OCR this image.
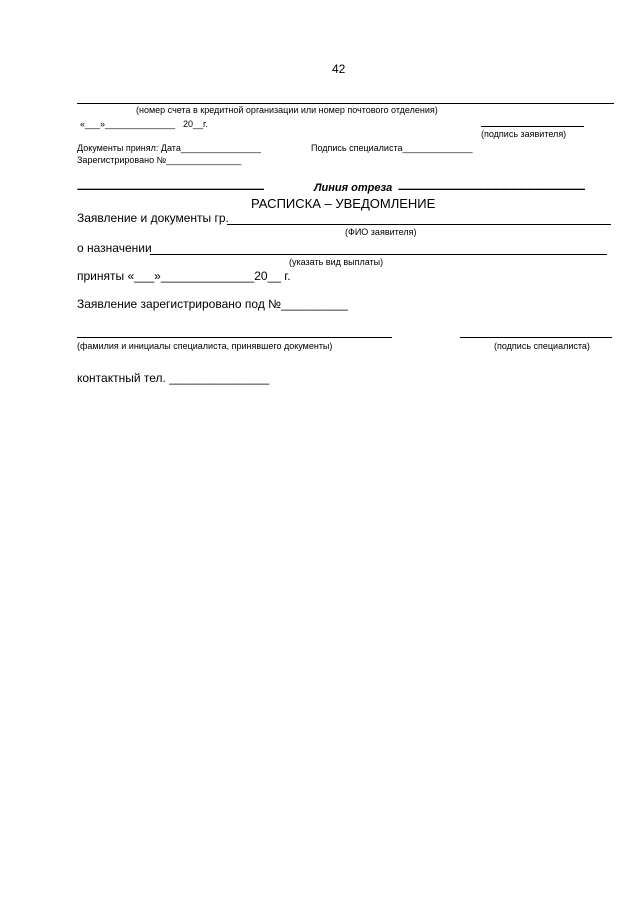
42
(номер счета в кредитной организации или номер почтового отделения)
«___»______________ 20__г.
(подпись заявителя)
Документы принял: Дата________________	Подпись специалиста______________
Зарегистрировано №_______________
----------------------------------------------------------------------	Линия отреза ----------------------------------------------------------------------
РАСПИСКА – УВЕДОМЛЕНИЕ
Заявление и документы гр.
(ФИО заявителя)
о назначении
(указать вид выплаты)
приняты «___»______________20__ г.
Заявление зарегистрировано под №__________
(фамилия и инициалы специалиста, принявшего документы)	(подпись специалиста)
контактный тел. _______________
